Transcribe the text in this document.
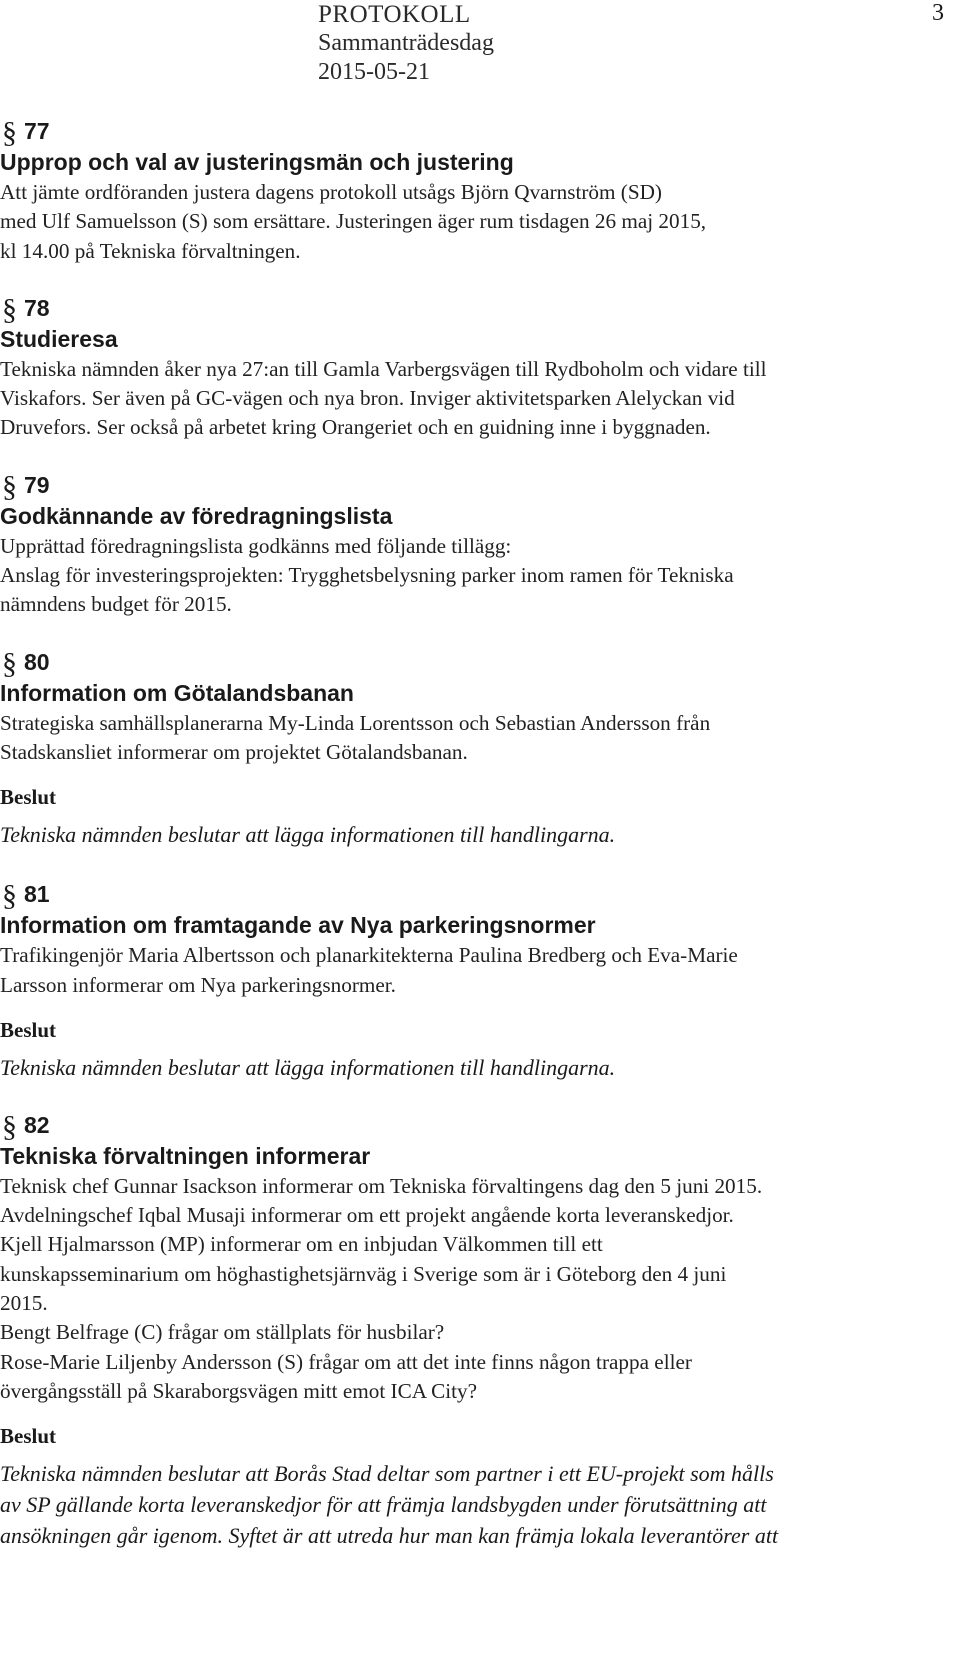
PROTOKOLL
Sammanträdesdag
2015-05-21
3
§ 77
Upprop och val av justeringsmän och justering
Att jämte ordföranden justera dagens protokoll utsågs Björn Qvarnström (SD)
med Ulf Samuelsson (S) som ersättare. Justeringen äger rum tisdagen 26 maj 2015,
kl 14.00 på Tekniska förvaltningen.
§ 78
Studieresa
Tekniska nämnden åker nya 27:an till Gamla Varbergsvägen till Rydboholm och vidare till
Viskafors. Ser även på GC-vägen och nya bron. Inviger aktivitetsparken Alelyckan vid
Druvefors. Ser också på arbetet kring Orangeriet och en guidning inne i byggnaden.
§ 79
Godkännande av föredragningslista
Upprättad föredragningslista godkänns med följande tillägg:
Anslag för investeringsprojekten: Trygghetsbelysning parker inom ramen för Tekniska
nämndens budget för 2015.
§ 80
Information om Götalandsbanan
Strategiska samhällsplanerarna My-Linda Lorentsson och Sebastian Andersson från
Stadskansliet informerar om projektet Götalandsbanan.
Beslut
Tekniska nämnden beslutar att lägga informationen till handlingarna.
§ 81
Information om framtagande av Nya parkeringsnormer
Trafikingenjör Maria Albertsson och planarkitekterna Paulina Bredberg och Eva-Marie
Larsson informerar om Nya parkeringsnormer.
Beslut
Tekniska nämnden beslutar att lägga informationen till handlingarna.
§ 82
Tekniska förvaltningen informerar
Teknisk chef Gunnar Isackson informerar om Tekniska förvaltingens dag den 5 juni 2015.
Avdelningschef Iqbal Musaji informerar om ett projekt angående korta leveranskedjor.
Kjell Hjalmarsson (MP) informerar om en inbjudan Välkommen till ett
kunskapsseminarium om höghastighetsjärnväg i Sverige som är i Göteborg den 4 juni
2015.
Bengt Belfrage (C) frågar om ställplats för husbilar?
Rose-Marie Liljenby Andersson (S) frågar om att det inte finns någon trappa eller
övergångsställ på Skaraborgsvägen mitt emot ICA City?
Beslut
Tekniska nämnden beslutar att Borås Stad deltar som partner i ett EU-projekt som hålls
av SP gällande korta leveranskedjor för att främja landsbygden under förutsättning att
ansökningen går igenom. Syftet är att utreda hur man kan främja lokala leverantörer att
